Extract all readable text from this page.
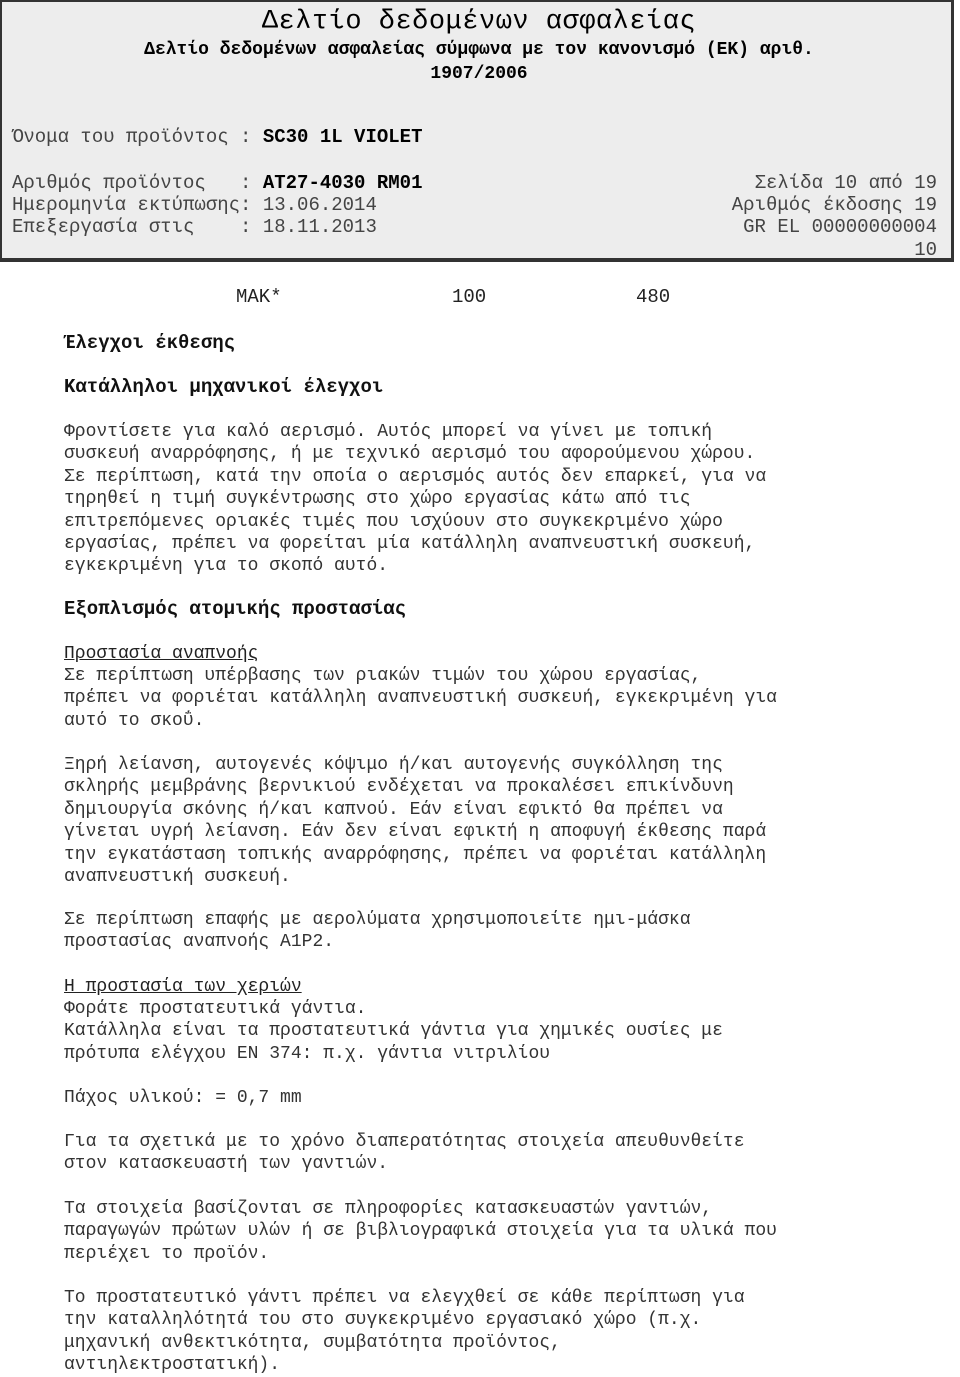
Δελτίο δεδομένων ασφαλείας
Δελτίο δεδομένων ασφαλείας σύμφωνα με τον κανονισμό (ΕΚ) αριθ.
1907/2006
Όνομα του προϊόντος : SC30 1L VIOLET
Αριθμός προϊόντος   : AT27-4030 RM01
Ημερομηνία εκτύπωσης: 13.06.2014
Επεξεργασία στις    : 18.11.2013
Σελίδα 10 από 19
Αριθμός έκδοσης 19
GR EL 00000000004
10
MAK*	100	480
Έλεγχοι έκθεσης
Κατάλληλοι μηχανικοί έλεγχοι
Φροντίσετε για καλό αερισμό. Αυτός μπορεί να γίνει με τοπική
συσκευή αναρρόφησης, ή με τεχνικό αερισμό του αφορούμενου χώρου.
Σε περίπτωση, κατά την οποία ο αερισμός αυτός δεν επαρκεί, για να
τηρηθεί η τιμή συγκέντρωσης στο χώρο εργασίας κάτω από τις
επιτρεπόμενες οριακές τιμές που ισχύουν στο συγκεκριμένο χώρο
εργασίας, πρέπει να φορείται μία κατάλληλη αναπνευστική συσκευή,
εγκεκριμένη για το σκοπό αυτό.
Εξοπλισμός ατομικής προστασίας
Προστασία αναπνοής
Σε περίπτωση υπέρβασης των ριακών τιμών του χώρου εργασίας,
πρέπει να φοριέται κατάλληλη αναπνευστική συσκευή, εγκεκριμένη για
αυτό το σκοΰ.
Ξηρή λείανση, αυτογενές κόψιμο ή/και αυτογενής συγκόλληση της
σκληρής μεμβράνης βερνικιού ενδέχεται να προκαλέσει επικίνδυνη
δημιουργία σκόνης ή/και καπνού. Εάν είναι εφικτό θα πρέπει να
γίνεται υγρή λείανση. Εάν δεν είναι εφικτή η αποφυγή έκθεσης παρά
την εγκατάσταση τοπικής αναρρόφησης, πρέπει να φοριέται κατάλληλη
αναπνευστική συσκευή.
Σε περίπτωση επαφής με αερολύματα χρησιμοποιείτε ημι-μάσκα
προστασίας αναπνοής A1P2.
Η προστασία των χεριών
Φοράτε προστατευτικά γάντια.
Κατάλληλα είναι τα προστατευτικά γάντια για χημικές ουσίες με
πρότυπα ελέγχου EN 374: π.χ. γάντια νιτριλίου
Πάχος υλικού: = 0,7 mm
Για τα σχετικά με το χρόνο διαπερατότητας στοιχεία απευθυνθείτε
στον κατασκευαστή των γαντιών.
Τα στοιχεία βασίζονται σε πληροφορίες κατασκευαστών γαντιών,
παραγωγών πρώτων υλών ή σε βιβλιογραφικά στοιχεία για τα υλικά που
περιέχει το προϊόν.
Το προστατευτικό γάντι πρέπει να ελεγχθεί σε κάθε περίπτωση για
την καταλληλότητά του στο συγκεκριμένο εργασιακό χώρο (π.χ.
μηχανική ανθεκτικότητα, συμβατότητα προϊόντος,
αντιηλεκτροστατική).
